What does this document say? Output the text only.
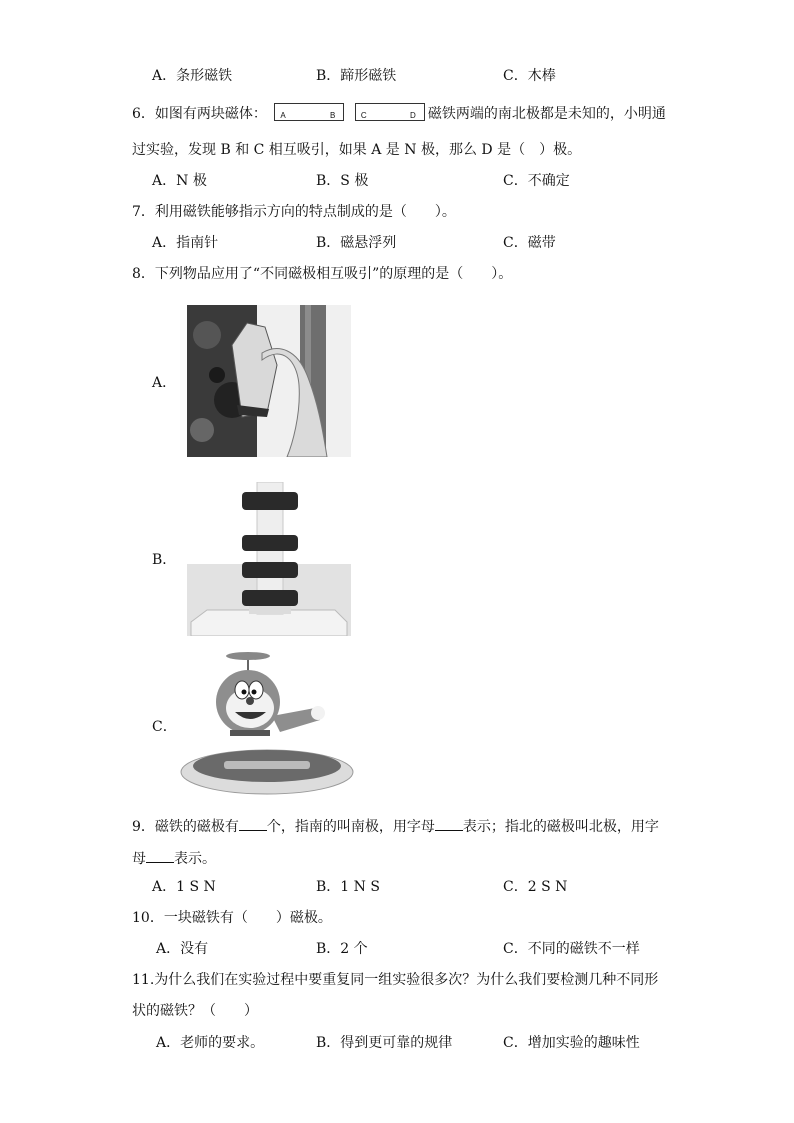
A．条形磁铁	B．蹄形磁铁	C．木棒
6．如图有两块磁体： A	B
	C	D 磁铁两端的南北极都是未知的，小明通
过实验，发现 B 和 C 相互吸引，如果 A 是 N 极，那么 D 是（　）极。
A．N 极	B．S 极	C．不确定
7．利用磁铁能够指示方向的特点制成的是（　　）。
A．指南针	B．磁悬浮列	C．磁带
8．下列物品应用了“不同磁极相互吸引”的原理的是（　　）。
A．
B．
C．
9．磁铁的磁极有 个，指南的叫南极，用字母 表示；指北的磁极叫北极，用字
母 表示。
A．1 S N	B．1 N S	C．2 S N
10．一块磁铁有（　　）磁极。
A．没有	B．2 个	C．不同的磁铁不一样
11.为什么我们在实验过程中要重复同一组实验很多次？为什么我们要检测几种不同形
状的磁铁？（　　）
A．老师的要求。	B．得到更可靠的规律	C．增加实验的趣味性
